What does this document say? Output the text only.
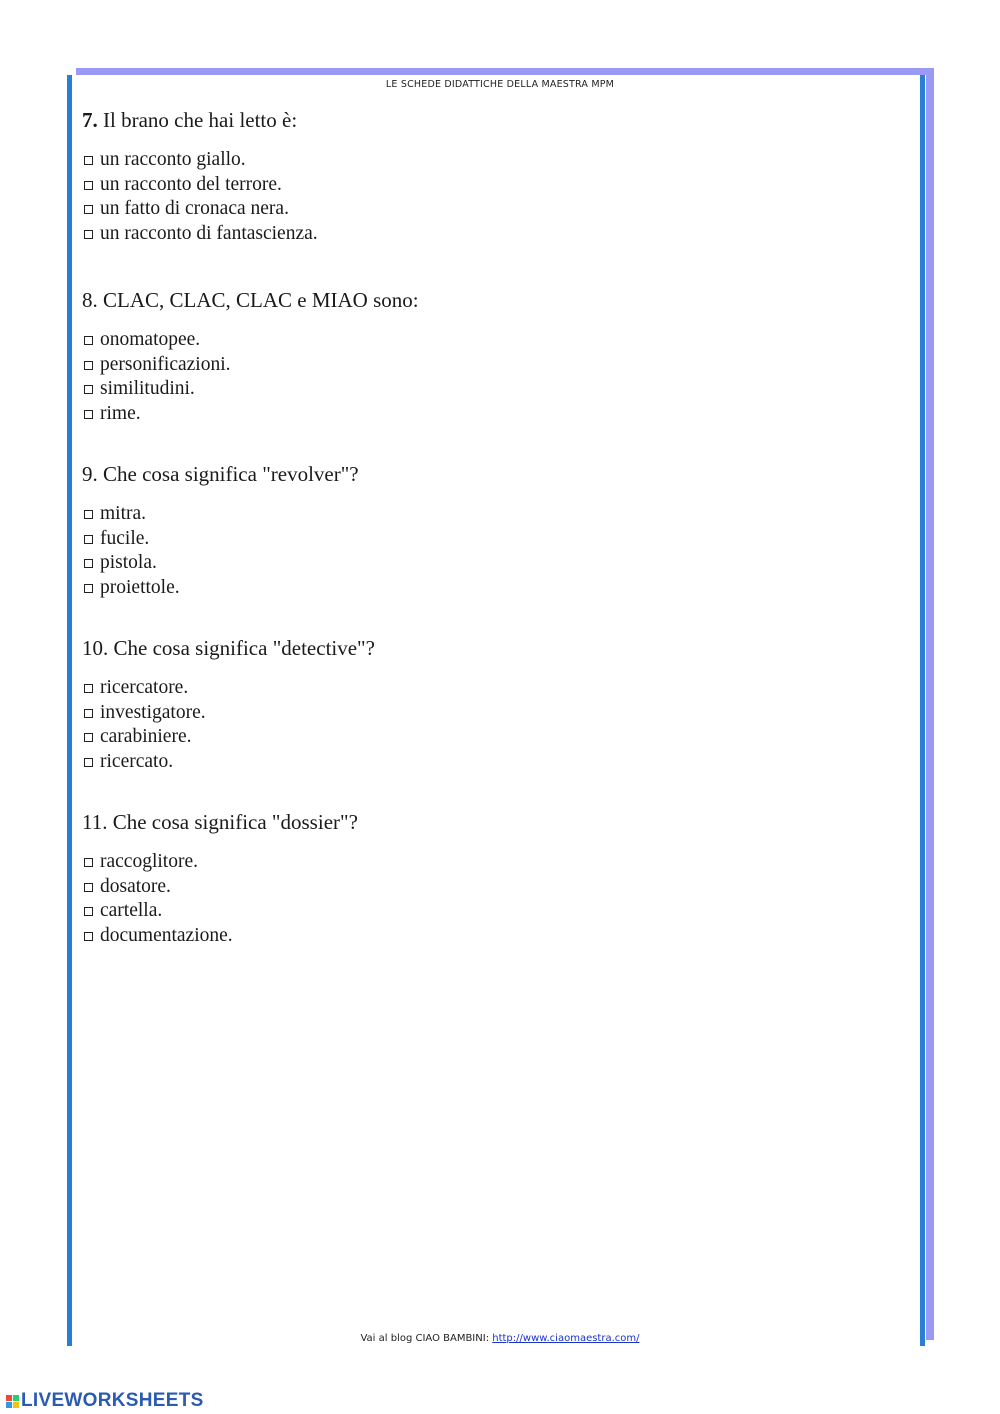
LE SCHEDE DIDATTICHE DELLA MAESTRA MPM

7. Il brano che hai letto è:

un racconto giallo.
un racconto del terrore.
un fatto di cronaca nera.
un racconto di fantascienza.

8. CLAC, CLAC, CLAC e MIAO sono:

onomatopee.
personificazioni.
similitudini.
rime.

9. Che cosa significa "revolver"?

mitra.
fucile.
pistola.
proiettole.

10. Che cosa significa "detective"?

ricercatore.
investigatore.
carabiniere.
ricercato.

11. Che cosa significa "dossier"?

raccoglitore.
dosatore.
cartella.
documentazione.
Vai al blog CIAO BAMBINI: http://www.ciaomaestra.com/
LIVEWORKSHEETS
